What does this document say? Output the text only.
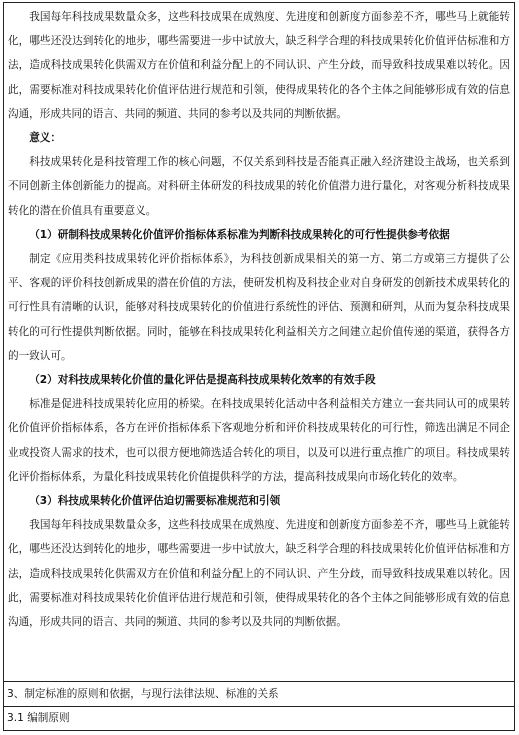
我国每年科技成果数量众多，这些科技成果在成熟度、先进度和创新度方面参差不齐，哪些马上就能转化，哪些还没达到转化的地步，哪些需要进一步中试放大，缺乏科学合理的科技成果转化价值评估标准和方法，造成科技成果转化供需双方在价值和利益分配上的不同认识、产生分歧，而导致科技成果难以转化。因此，需要标准对科技成果转化价值评估进行规范和引领，使得成果转化的各个主体之间能够形成有效的信息沟通，形成共同的语言、共同的频道、共同的参考以及共同的判断依据。

意义：

科技成果转化是科技管理工作的核心问题，不仅关系到科技是否能真正融入经济建设主战场，也关系到不同创新主体创新能力的提高。对科研主体研发的科技成果的转化价值潜力进行量化，对客观分析科技成果转化的潜在价值具有重要意义。

（1）研制科技成果转化价值评价指标体系标准为判断科技成果转化的可行性提供参考依据

制定《应用类科技成果转化评价指标体系》，为科技创新成果相关的第一方、第二方或第三方提供了公平、客观的评价科技创新成果的潜在价值的方法，使研发机构及科技企业对自身研发的创新技术成果转化的可行性具有清晰的认识，能够对科技成果转化的价值进行系统性的评估、预测和研判，从而为复杂科技成果转化的可行性提供判断依据。同时，能够在科技成果转化利益相关方之间建立起价值传递的渠道，获得各方的一致认可。

（2）对科技成果转化价值的量化评估是提高科技成果转化效率的有效手段

标准是促进科技成果转化应用的桥梁。在科技成果转化活动中各利益相关方建立一套共同认可的成果转化价值评价指标体系，各方在评价指标体系下客观地分析和评价科技成果转化的可行性，筛选出满足不同企业或投资人需求的技术，也可以很方便地筛选适合转化的项目，以及可以进行重点推广的项目。科技成果转化评价指标体系，为量化科技成果转化价值提供科学的方法，提高科技成果向市场化转化的效率。

（3）科技成果转化价值评估迫切需要标准规范和引领

我国每年科技成果数量众多，这些科技成果在成熟度、先进度和创新度方面参差不齐，哪些马上就能转化，哪些还没达到转化的地步，哪些需要进一步中试放大，缺乏科学合理的科技成果转化价值评估标准和方法，造成科技成果转化供需双方在价值和利益分配上的不同认识、产生分歧，而导致科技成果难以转化。因此，需要标准对科技成果转化价值评估进行规范和引领，使得成果转化的各个主体之间能够形成有效的信息沟通，形成共同的语言、共同的频道、共同的参考以及共同的判断依据。

3、制定标准的原则和依据，与现行法律法规、标准的关系
3.1 编制原则
